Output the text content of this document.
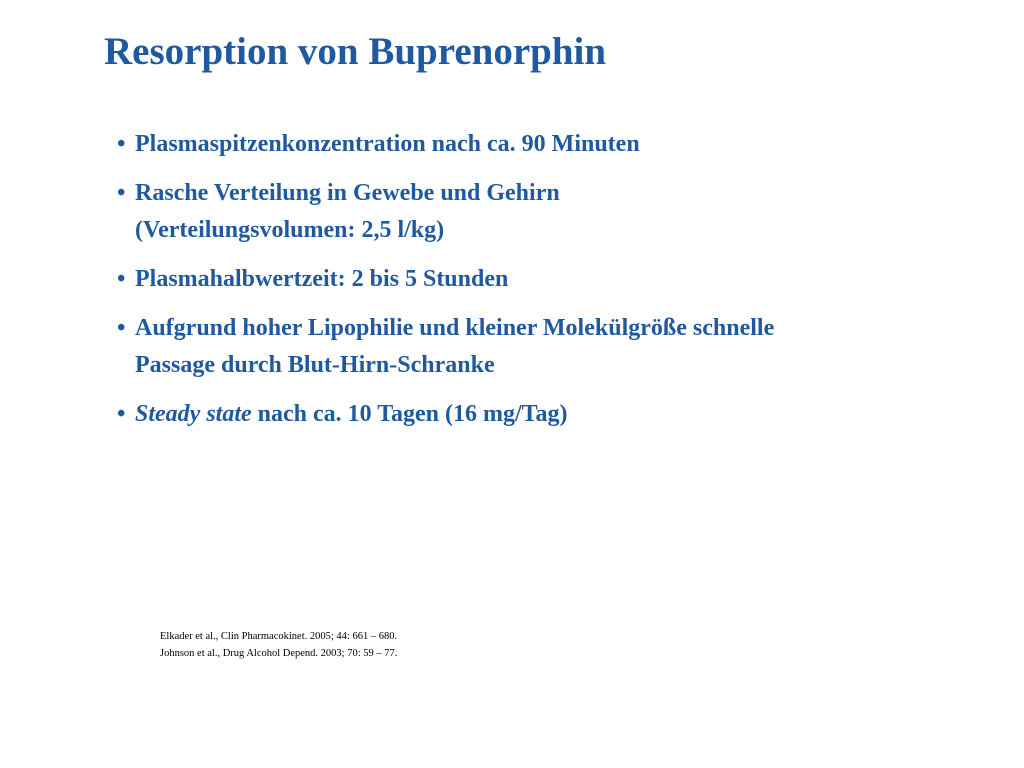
Resorption von Buprenorphin
• Plasmaspitzenkonzentration nach ca. 90 Minuten
• Rasche Verteilung in Gewebe und Gehirn
(Verteilungsvolumen: 2,5 l/kg)
• Plasmahalbwertzeit: 2 bis 5 Stunden
• Aufgrund hoher Lipophilie und kleiner Molekülgröße schnelle
Passage durch Blut-Hirn-Schranke
• Steady state nach ca. 10 Tagen (16 mg/Tag)
Elkader et al., Clin Pharmacokinet. 2005; 44: 661 – 680.
Johnson et al., Drug Alcohol Depend. 2003; 70: 59 – 77.
